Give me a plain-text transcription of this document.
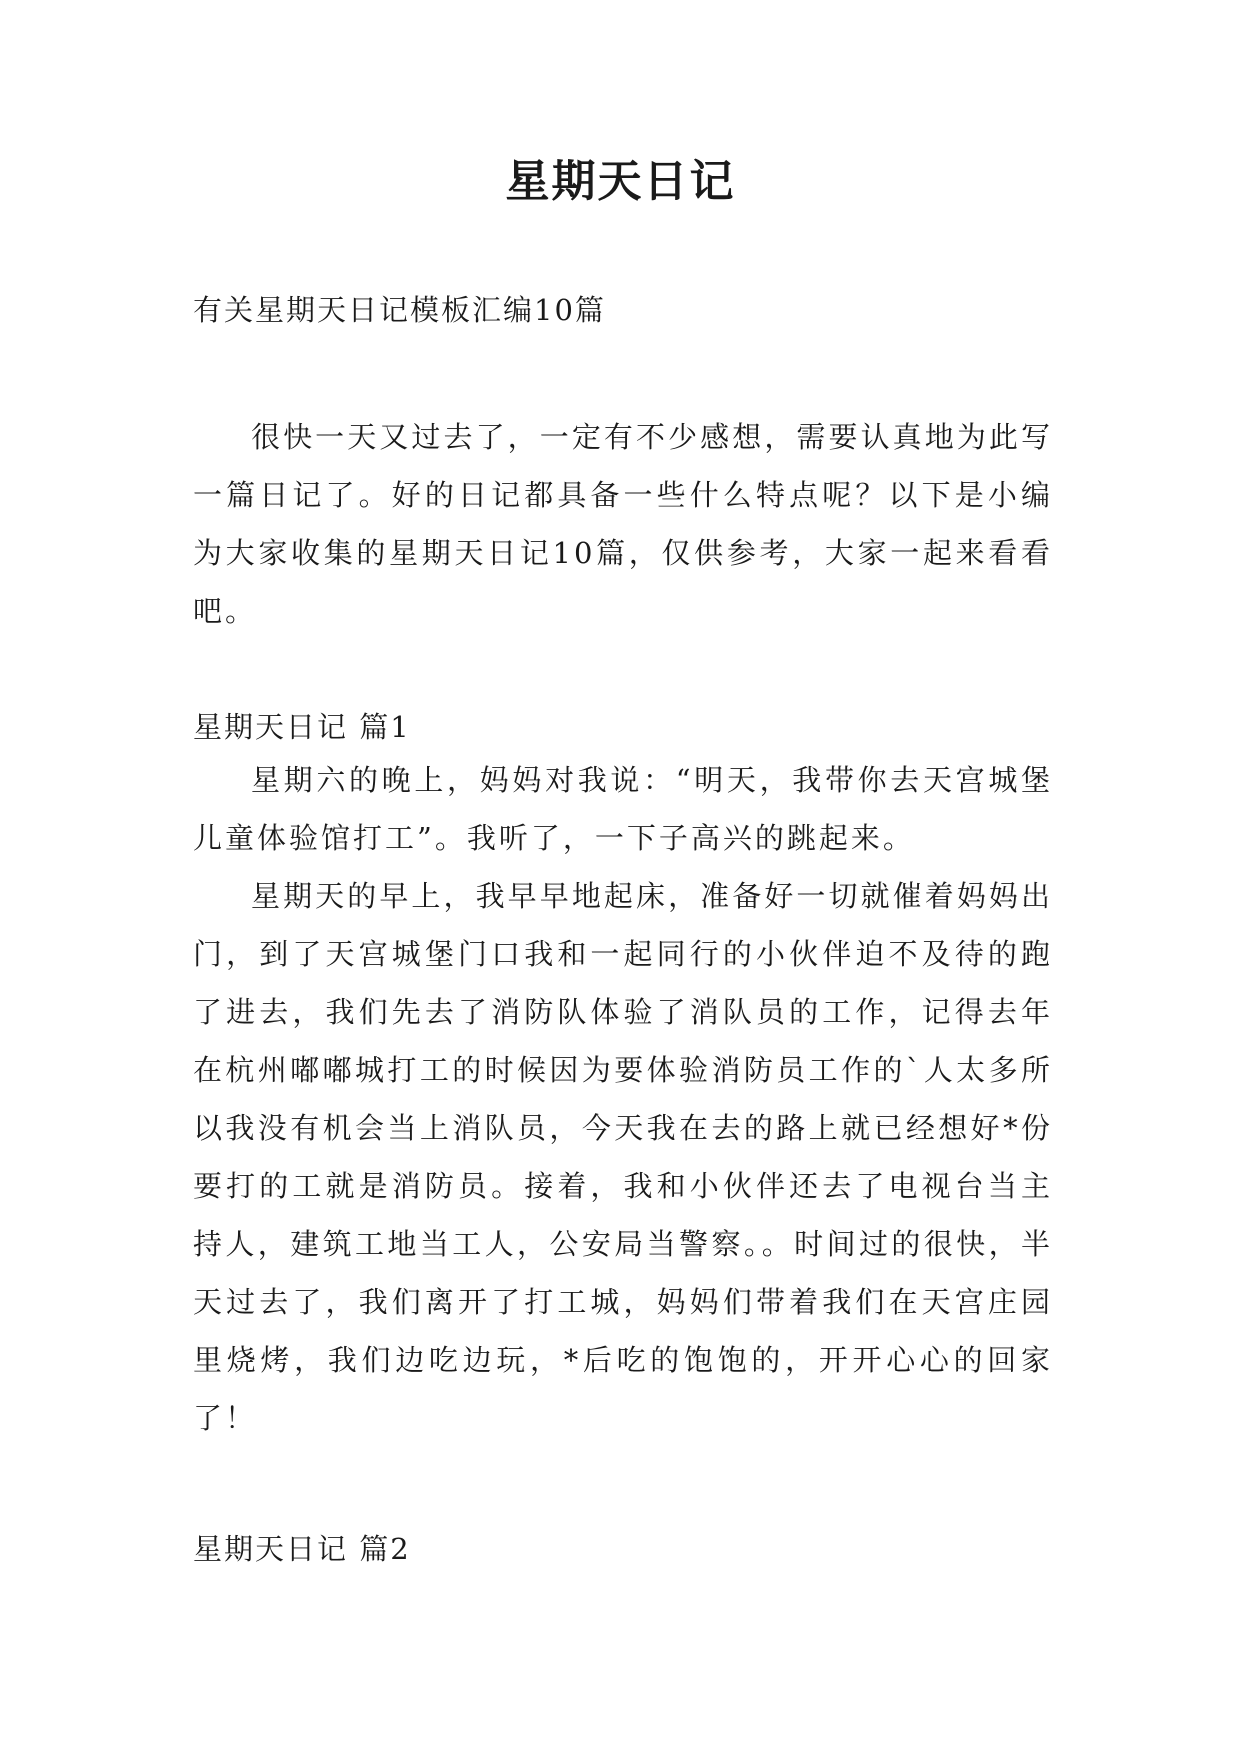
星期天日记
有关星期天日记模板汇编10篇

很快一天又过去了，一定有不少感想，需要认真地为此写一篇日记了。好的日记都具备一些什么特点呢？以下是小编为大家收集的星期天日记10篇，仅供参考，大家一起来看看吧。

星期天日记 篇1

星期六的晚上，妈妈对我说：“明天，我带你去天宫城堡儿童体验馆打工”。我听了，一下子高兴的跳起来。

星期天的早上，我早早地起床，准备好一切就催着妈妈出门，到了天宫城堡门口我和一起同行的小伙伴迫不及待的跑了进去，我们先去了消防队体验了消队员的工作，记得去年在杭州嘟嘟城打工的时候因为要体验消防员工作的`人太多所以我没有机会当上消队员，今天我在去的路上就已经想好*份要打的工就是消防员。接着，我和小伙伴还去了电视台当主持人，建筑工地当工人，公安局当警察。。时间过的很快，半天过去了，我们离开了打工城，妈妈们带着我们在天宫庄园里烧烤，我们边吃边玩，*后吃的饱饱的，开开心心的回家了！

星期天日记 篇2
